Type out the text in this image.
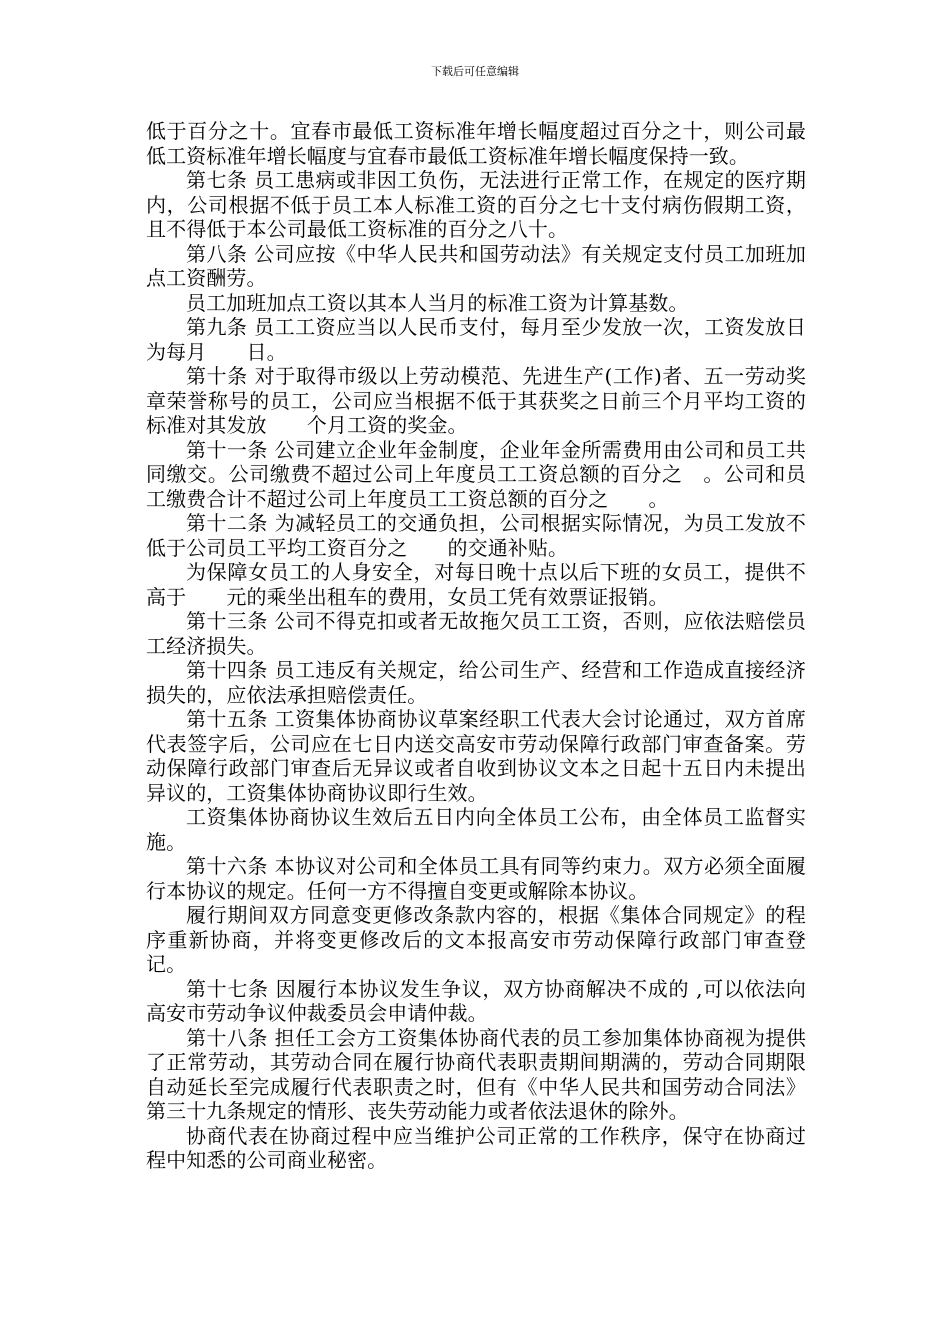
下载后可任意编辑

低于百分之十。宜春市最低工资标准年增长幅度超过百分之十，则公司最低工资标准年增长幅度与宜春市最低工资标准年增长幅度保持一致。

第七条 员工患病或非因工负伤，无法进行正常工作，在规定的医疗期内，公司根据不低于员工本人标准工资的百分之七十支付病伤假期工资，且不得低于本公司最低工资标准的百分之八十。

第八条 公司应按《中华人民共和国劳动法》有关规定支付员工加班加点工资酬劳。

员工加班加点工资以其本人当月的标准工资为计算基数。

第九条 员工工资应当以人民币支付，每月至少发放一次，工资发放日为每月　　日。

第十条 对于取得市级以上劳动模范、先进生产(工作)者、五一劳动奖章荣誉称号的员工，公司应当根据不低于其获奖之日前三个月平均工资的标准对其发放　　个月工资的奖金。

第十一条 公司建立企业年金制度，企业年金所需费用由公司和员工共同缴交。公司缴费不超过公司上年度员工工资总额的百分之　。公司和员工缴费合计不超过公司上年度员工工资总额的百分之　　。

第十二条 为减轻员工的交通负担，公司根据实际情况，为员工发放不低于公司员工平均工资百分之　　的交通补贴。

为保障女员工的人身安全，对每日晚十点以后下班的女员工，提供不高于　　元的乘坐出租车的费用，女员工凭有效票证报销。

第十三条 公司不得克扣或者无故拖欠员工工资，否则，应依法赔偿员工经济损失。

第十四条 员工违反有关规定，给公司生产、经营和工作造成直接经济损失的，应依法承担赔偿责任。

第十五条 工资集体协商协议草案经职工代表大会讨论通过，双方首席代表签字后，公司应在七日内送交高安市劳动保障行政部门审查备案。劳动保障行政部门审查后无异议或者自收到协议文本之日起十五日内未提出异议的，工资集体协商协议即行生效。

工资集体协商协议生效后五日内向全体员工公布，由全体员工监督实施。

第十六条 本协议对公司和全体员工具有同等约束力。双方必须全面履行本协议的规定。任何一方不得擅自变更或解除本协议。

履行期间双方同意变更修改条款内容的，根据《集体合同规定》的程序重新协商，并将变更修改后的文本报高安市劳动保障行政部门审查登记。

第十七条 因履行本协议发生争议，双方协商解决不成的 ,可以依法向高安市劳动争议仲裁委员会申请仲裁。

第十八条 担任工会方工资集体协商代表的员工参加集体协商视为提供了正常劳动，其劳动合同在履行协商代表职责期间期满的，劳动合同期限自动延长至完成履行代表职责之时，但有《中华人民共和国劳动合同法》第三十九条规定的情形、丧失劳动能力或者依法退休的除外。

协商代表在协商过程中应当维护公司正常的工作秩序，保守在协商过程中知悉的公司商业秘密。
